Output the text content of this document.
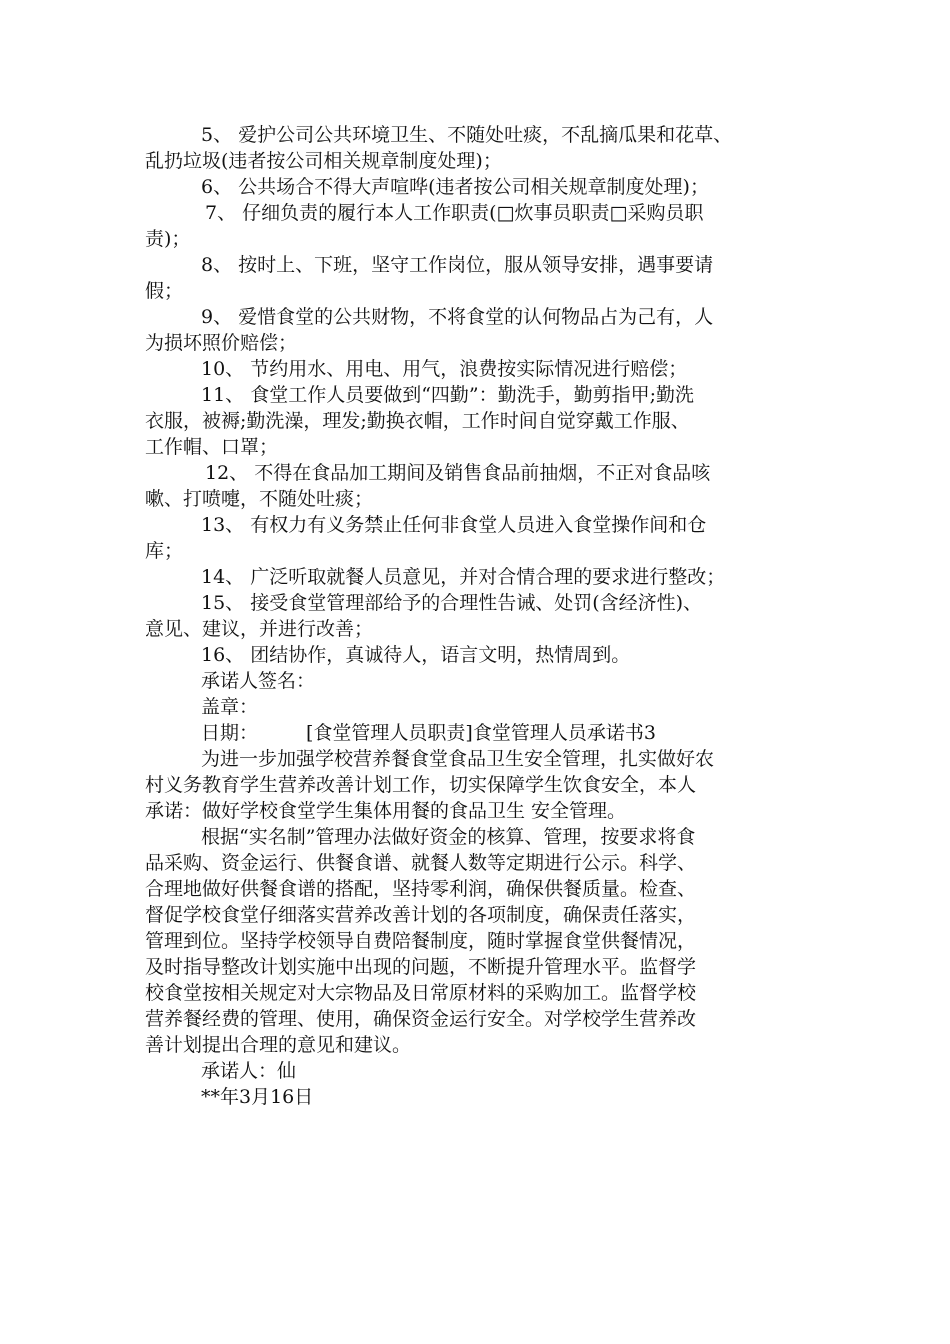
5、 爱护公司公共环境卫生、不随处吐痰，不乱摘瓜果和花草、
乱扔垃圾(违者按公司相关规章制度处理)；
6、 公共场合不得大声喧哗(违者按公司相关规章制度处理)；
7、 仔细负责的履行本人工作职责(□炊事员职责□采购员职
责)；
8、 按时上、下班，坚守工作岗位，服从领导安排，遇事要请
假；
9、 爱惜食堂的公共财物，不将食堂的认何物品占为己有，人
为损坏照价赔偿；
10、 节约用水、用电、用气，浪费按实际情况进行赔偿；
11、 食堂工作人员要做到“四勤”：勤洗手，勤剪指甲;勤洗
衣服，被褥;勤洗澡，理发;勤换衣帽，工作时间自觉穿戴工作服、
工作帽、口罩；
12、 不得在食品加工期间及销售食品前抽烟，不正对食品咳
嗽、打喷嚏，不随处吐痰；
13、 有权力有义务禁止任何非食堂人员进入食堂操作间和仓
库；
14、 广泛听取就餐人员意见，并对合情合理的要求进行整改；
15、 接受食堂管理部给予的合理性告诫、处罚(含经济性)、
意见、建议，并进行改善；
16、 团结协作，真诚待人，语言文明，热情周到。
承诺人签名：
盖章：
日期：	[食堂管理人员职责]食堂管理人员承诺书3
为进一步加强学校营养餐食堂食品卫生安全管理，扎实做好农
村义务教育学生营养改善计划工作，切实保障学生饮食安全，本人
承诺：做好学校食堂学生集体用餐的食品卫生 安全管理。
根据“实名制”管理办法做好资金的核算、管理，按要求将食
品采购、资金运行、供餐食谱、就餐人数等定期进行公示。科学、
合理地做好供餐食谱的搭配，坚持零利润，确保供餐质量。检查、
督促学校食堂仔细落实营养改善计划的各项制度，确保责任落实，
管理到位。坚持学校领导自费陪餐制度，随时掌握食堂供餐情况，
及时指导整改计划实施中出现的问题，不断提升管理水平。监督学
校食堂按相关规定对大宗物品及日常原材料的采购加工。监督学校
营养餐经费的管理、使用，确保资金运行安全。对学校学生营养改
善计划提出合理的意见和建议。
承诺人：仙
**年3月16日
